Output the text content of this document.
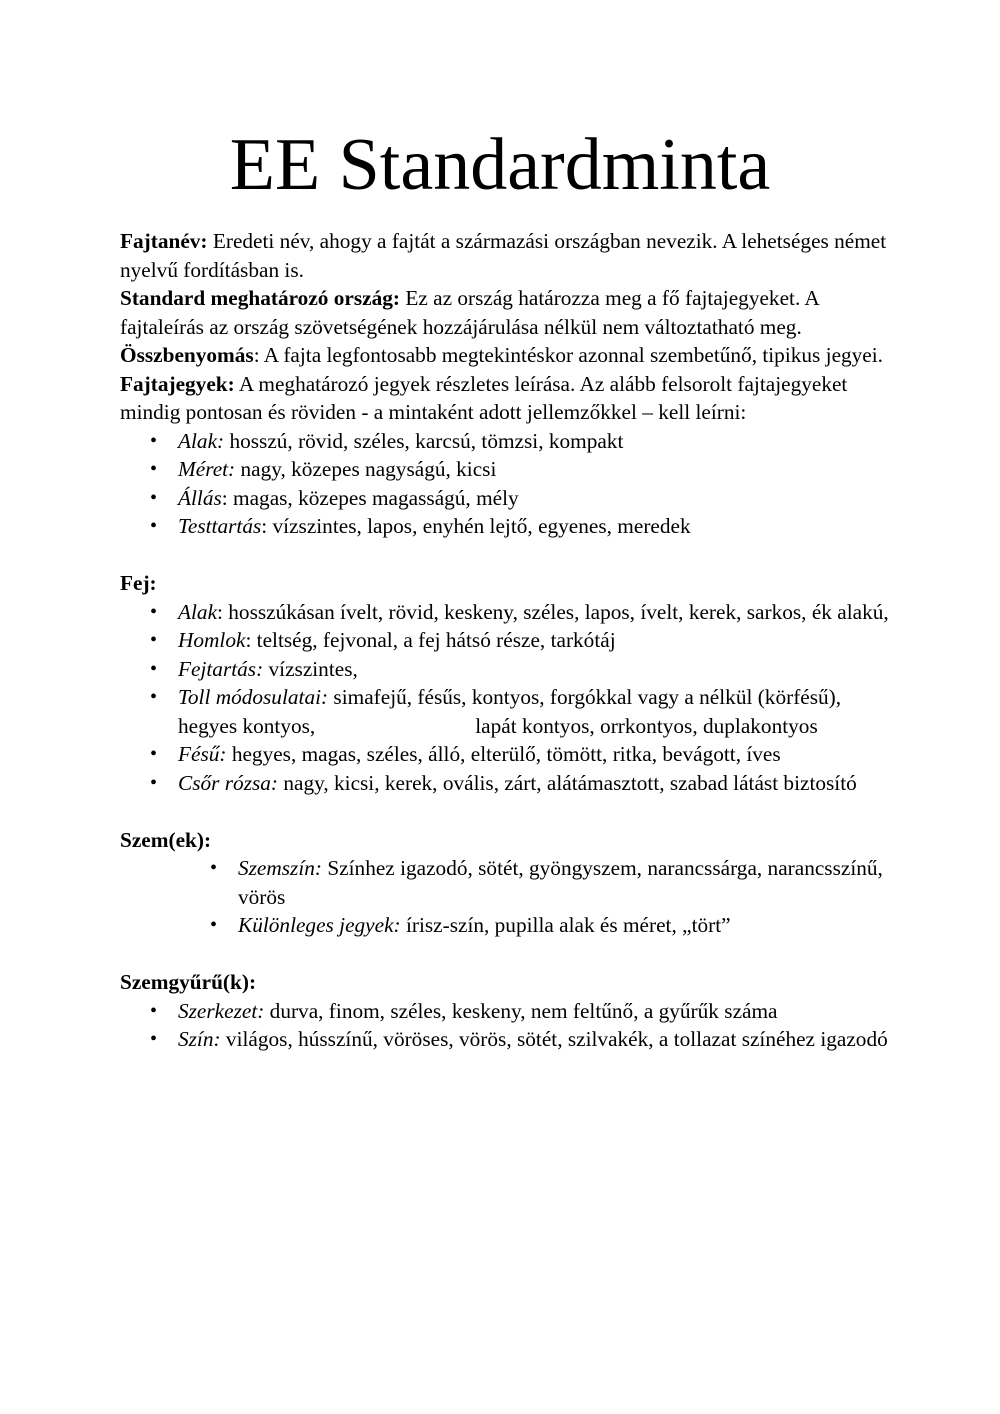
EE Standardminta

Fajtanév: Eredeti név, ahogy a fajtát a származási országban nevezik. A lehetséges német nyelvű fordításban is.

Standard meghatározó ország: Ez az ország határozza meg a fő fajtajegyeket. A fajtaleírás az ország szövetségének hozzájárulása nélkül nem változtatható meg.

Összbenyomás: A fajta legfontosabb megtekintéskor azonnal szembetűnő, tipikus jegyei.

Fajtajegyek: A meghatározó jegyek részletes leírása. Az alább felsorolt fajtajegyeket mindig pontosan és röviden - a mintaként adott jellemzőkkel – kell leírni:

• Alak: hosszú, rövid, széles, karcsú, tömzsi, kompakt
• Méret: nagy, közepes nagyságú, kicsi
• Állás: magas, közepes magasságú, mély
• Testtartás: vízszintes, lapos, enyhén lejtő, egyenes, meredek

Fej:

• Alak: hosszúkásan ívelt, rövid, keskeny, széles, lapos, ívelt, kerek, sarkos, ék alakú,
• Homlok: teltség, fejvonal, a fej hátsó része, tarkótáj
• Fejtartás: vízszintes,
• Toll módosulatai: simafejű, fésűs, kontyos, forgókkal vagy a nélkül (körfésű), hegyes kontyos,	lapát kontyos, orrkontyos, duplakontyos
• Fésű: hegyes, magas, széles, álló, elterülő, tömött, ritka, bevágott, íves
• Csőr rózsa: nagy, kicsi, kerek, ovális, zárt, alátámasztott, szabad látást biztosító

Szem(ek):

• Szemszín: Színhez igazodó, sötét, gyöngyszem, narancssárga, narancsszínű, vörös
• Különleges jegyek: írisz-szín, pupilla alak és méret, „tört”

Szemgyűrű(k):

• Szerkezet: durva, finom, széles, keskeny, nem feltűnő, a gyűrűk száma
• Szín: világos, hússzínű, vöröses, vörös, sötét, szilvakék, a tollazat színéhez igazodó
